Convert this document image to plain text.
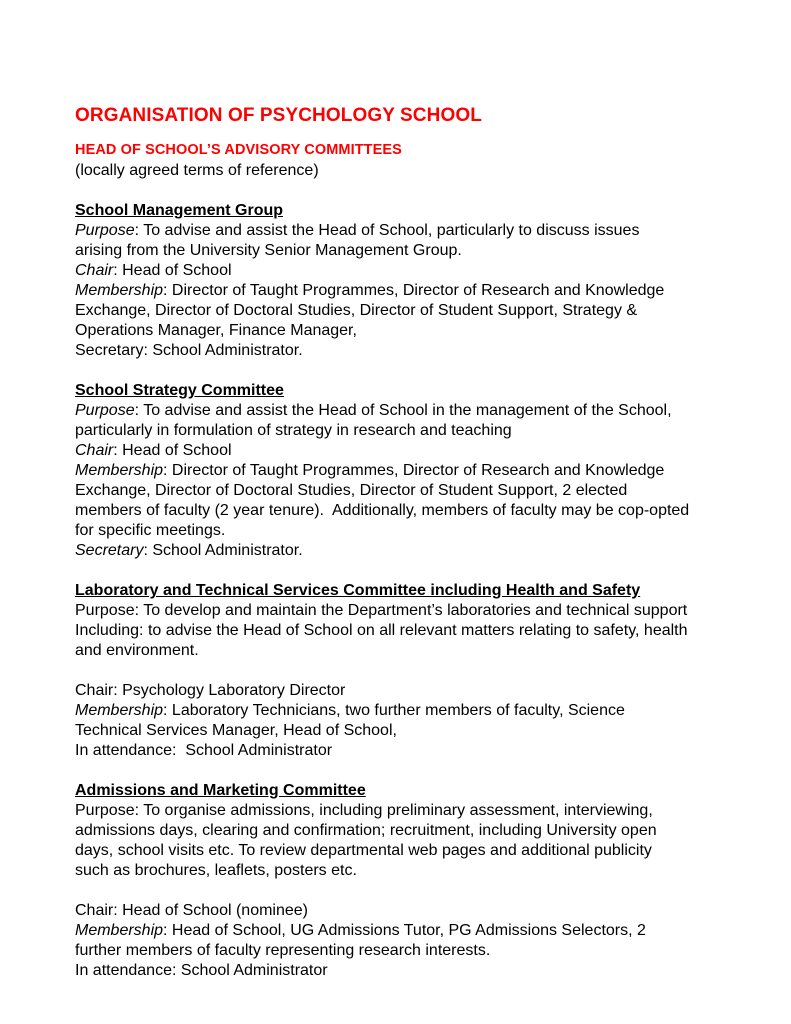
ORGANISATION OF PSYCHOLOGY SCHOOL
HEAD OF SCHOOL’S ADVISORY COMMITTEES
(locally agreed terms of reference)
School Management Group
Purpose: To advise and assist the Head of School, particularly to discuss issues arising from the University Senior Management Group.
Chair: Head of School
Membership: Director of Taught Programmes, Director of Research and Knowledge Exchange, Director of Doctoral Studies, Director of Student Support, Strategy & Operations Manager, Finance Manager,
Secretary: School Administrator.
School Strategy Committee
Purpose: To advise and assist the Head of School in the management of the School, particularly in formulation of strategy in research and teaching
Chair: Head of School
Membership: Director of Taught Programmes, Director of Research and Knowledge Exchange, Director of Doctoral Studies, Director of Student Support, 2 elected members of faculty (2 year tenure).  Additionally, members of faculty may be cop-opted for specific meetings.
Secretary: School Administrator.
Laboratory and Technical Services Committee including Health and Safety
Purpose: To develop and maintain the Department’s laboratories and technical support
Including: to advise the Head of School on all relevant matters relating to safety, health and environment.

Chair: Psychology Laboratory Director
Membership: Laboratory Technicians, two further members of faculty, Science Technical Services Manager, Head of School,
In attendance:  School Administrator
Admissions and Marketing Committee
Purpose: To organise admissions, including preliminary assessment, interviewing, admissions days, clearing and confirmation; recruitment, including University open days, school visits etc. To review departmental web pages and additional publicity such as brochures, leaflets, posters etc.

Chair: Head of School (nominee)
Membership: Head of School, UG Admissions Tutor, PG Admissions Selectors, 2 further members of faculty representing research interests.
In attendance: School Administrator
